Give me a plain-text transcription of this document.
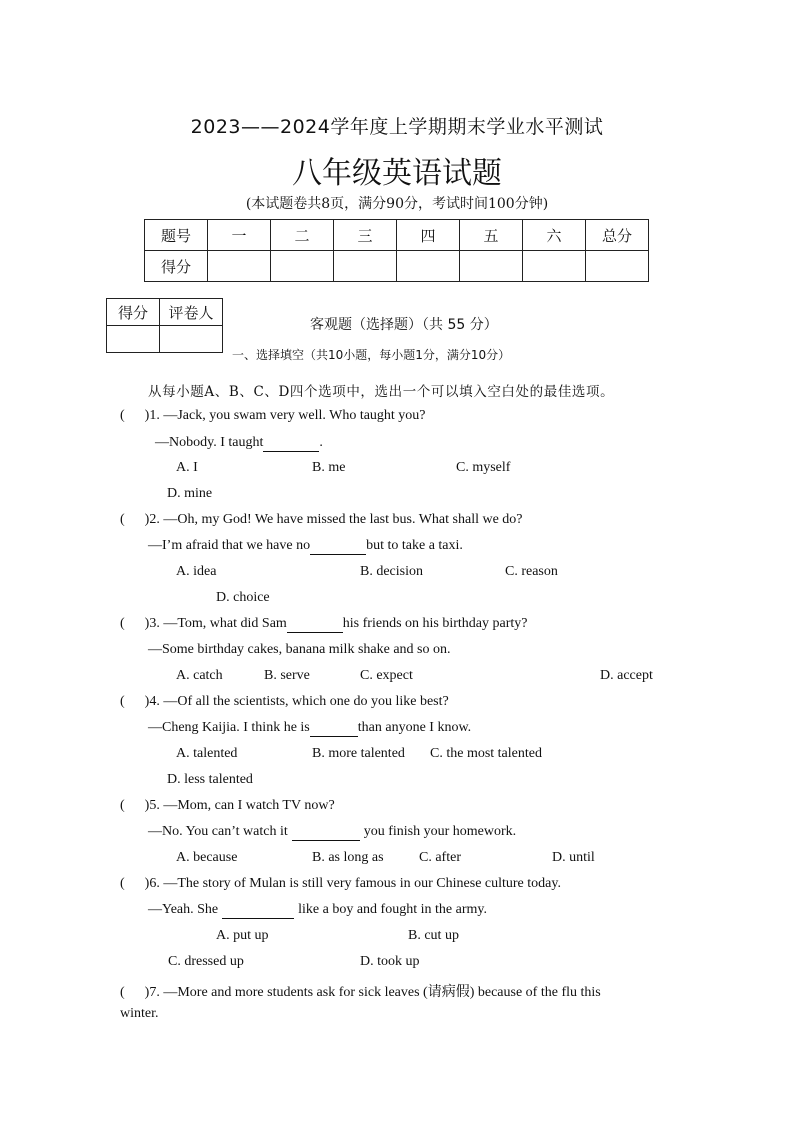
2023——2024学年度上学期期末学业水平测试
八年级英语试题
(本试题卷共8页，满分90分，考试时间100分钟)
题号	一	二	三	四	五	六	总分
得分							
得分	评卷人

客观题（选择题）（共 55 分）
一、选择填空（共10小题，每小题1分，满分10分）
从每小题A、B、C、D四个选项中，选出一个可以填入空白处的最佳选项。
( )1. —Jack, you swam very well. Who taught you?
—Nobody. I taught	.
A. I	B. me	C. myself
D. mine
( )2. —Oh, my God! We have missed the last bus. What shall we do?
—I’m afraid that we have no	but to take a taxi.
A. idea	B. decision	C. reason
D. choice
( )3. —Tom, what did Sam	his friends on his birthday party?
—Some birthday cakes, banana milk shake and so on.
A. catch	B. serve	C. expect	D. accept
( )4. —Of all the scientists, which one do you like best?
—Cheng Kaijia. I think he is	than anyone I know.
A. talented	B. more talented C. the most talented
D. less talented
( )5. —Mom, can I watch TV now?
—No. You can’t watch it	you finish your homework.
A. because	B. as long as	C. after	D. until
( )6. —The story of Mulan is still very famous in our Chinese culture today.
—Yeah. She	like a boy and fought in the army.
A. put up	B. cut up
C. dressed up	D. took up
( )7. —More and more students ask for sick leaves (请病假) because of the flu this
winter.
